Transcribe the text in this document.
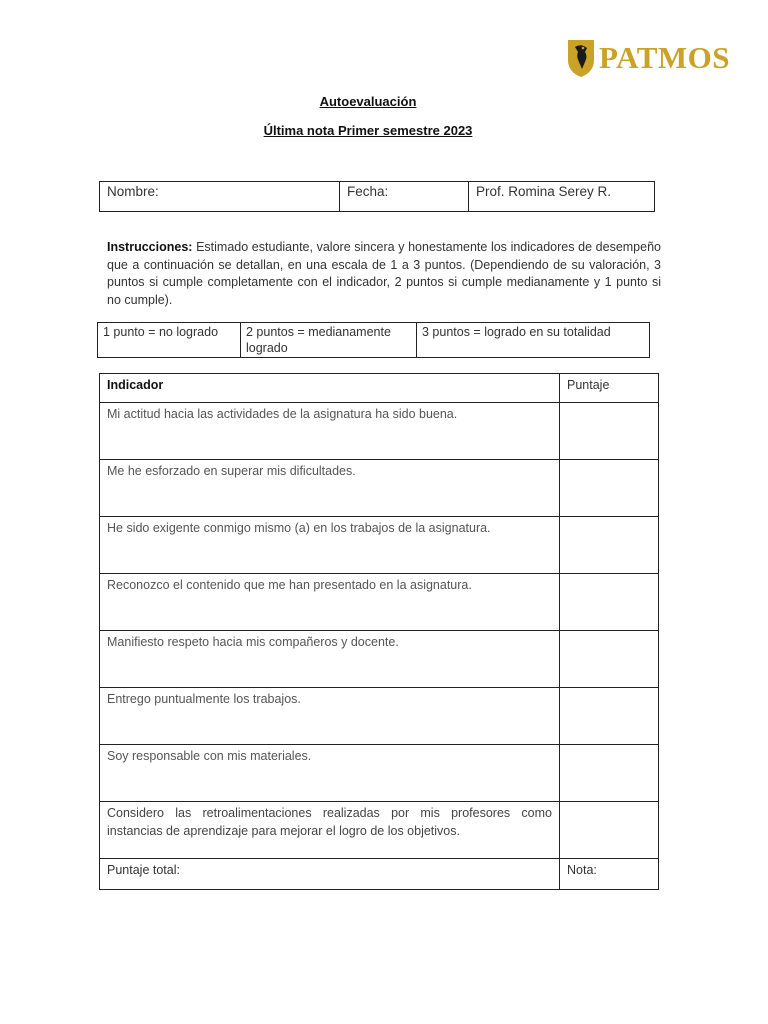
PATMOS
Autoevaluación
Última nota Primer semestre 2023
Nombre:	Fecha:	Prof. Romina Serey R.
Instrucciones: Estimado estudiante, valore sincera y honestamente los indicadores de desempeño que a continuación se detallan, en una escala de 1 a 3 puntos. (Dependiendo de su valoración, 3 puntos si cumple completamente con el indicador, 2 puntos si cumple medianamente y 1 punto si no cumple).
1 punto = no logrado	2 puntos = medianamente logrado	3 puntos = logrado en su totalidad
Indicador	Puntaje
Mi actitud hacia las actividades de la asignatura ha sido buena.	
Me he esforzado en superar mis dificultades.	
He sido exigente conmigo mismo (a) en los trabajos de la asignatura.	
Reconozco el contenido que me han presentado en la asignatura.	
Manifiesto respeto hacia mis compañeros y docente.	
Entrego puntualmente los trabajos.	
Soy responsable con mis materiales.	
Considero las retroalimentaciones realizadas por mis profesores como instancias de aprendizaje para mejorar el logro de los objetivos.	
Puntaje total:	Nota:
